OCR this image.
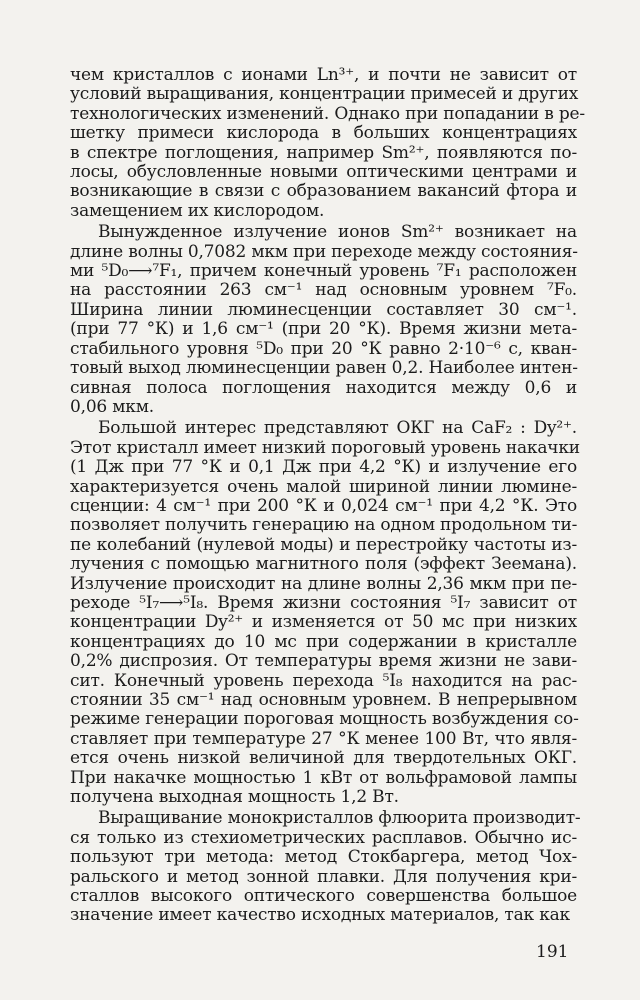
чем кристаллов с ионами Ln³⁺, и почти не зависит от
условий выращивания, концентрации примесей и других
технологических изменений. Однако при попадании в ре-
шетку примеси кислорода в больших концентрациях
в спектре поглощения, например Sm²⁺, появляются по-
лосы, обусловленные новыми оптическими центрами и
возникающие в связи с образованием вакансий фтора и
замещением их кислородом.
Вынужденное излучение ионов Sm²⁺ возникает на
длине волны 0,7082 мкм при переходе между состояния-
ми ⁵D₀⟶⁷F₁, причем конечный уровень ⁷F₁ расположен
на расстоянии 263 см⁻¹ над основным уровнем ⁷F₀.
Ширина линии люминесценции составляет 30 см⁻¹.
(при 77 °К) и 1,6 см⁻¹ (при 20 °К). Время жизни мета-
стабильного уровня ⁵D₀ при 20 °К равно 2·10⁻⁶ с, кван-
товый выход люминесценции равен 0,2. Наиболее интен-
сивная полоса поглощения находится между 0,6 и
0,06 мкм.
Большой интерес представляют ОКГ на CaF₂ : Dy²⁺.
Этот кристалл имеет низкий пороговый уровень накачки
(1 Дж при 77 °К и 0,1 Дж при 4,2 °К) и излучение его
характеризуется очень малой шириной линии люмине-
сценции: 4 см⁻¹ при 200 °К и 0,024 см⁻¹ при 4,2 °К. Это
позволяет получить генерацию на одном продольном ти-
пе колебаний (нулевой моды) и перестройку частоты из-
лучения с помощью магнитного поля (эффект Зеемана).
Излучение происходит на длине волны 2,36 мкм при пе-
реходе ⁵I₇⟶⁵I₈. Время жизни состояния ⁵I₇ зависит от
концентрации Dy²⁺ и изменяется от 50 мс при низких
концентрациях до 10 мс при содержании в кристалле
0,2% диспрозия. От температуры время жизни не зави-
сит. Конечный уровень перехода ⁵I₈ находится на рас-
стоянии 35 см⁻¹ над основным уровнем. В непрерывном
режиме генерации пороговая мощность возбуждения со-
ставляет при температуре 27 °К менее 100 Вт, что явля-
ется очень низкой величиной для твердотельных ОКГ.
При накачке мощностью 1 кВт от вольфрамовой лампы
получена выходная мощность 1,2 Вт.
Выращивание монокристаллов флюорита производит-
ся только из стехиометрических расплавов. Обычно ис-
пользуют три метода: метод Стокбаргера, метод Чох-
ральского и метод зонной плавки. Для получения кри-
сталлов высокого оптического совершенства большое
значение имеет качество исходных материалов, так как
191
